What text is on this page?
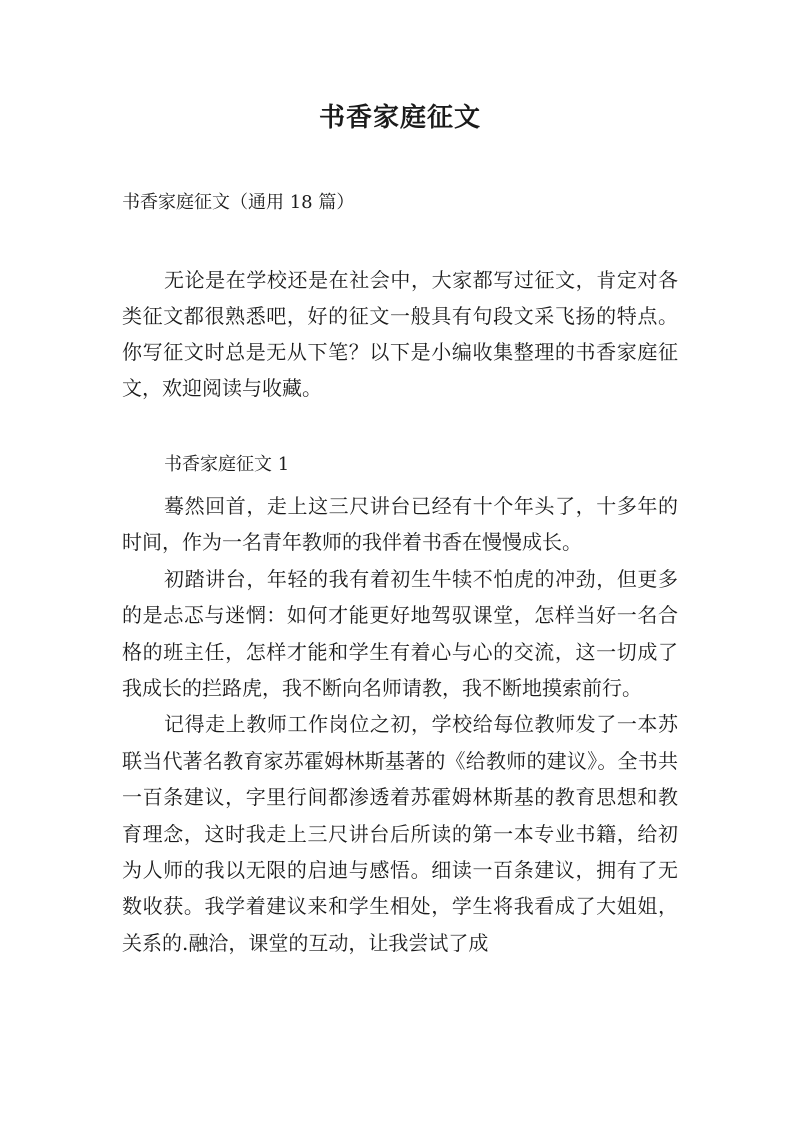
书香家庭征文
书香家庭征文（通用 18 篇）
无论是在学校还是在社会中，大家都写过征文，肯定对各类征文都很熟悉吧，好的征文一般具有句段文采飞扬的特点。你写征文时总是无从下笔？以下是小编收集整理的书香家庭征文，欢迎阅读与收藏。
书香家庭征文 1

蓦然回首，走上这三尺讲台已经有十个年头了，十多年的时间，作为一名青年教师的我伴着书香在慢慢成长。

初踏讲台，年轻的我有着初生牛犊不怕虎的冲劲，但更多的是忐忑与迷惘：如何才能更好地驾驭课堂，怎样当好一名合格的班主任，怎样才能和学生有着心与心的交流，这一切成了我成长的拦路虎，我不断向名师请教，我不断地摸索前行。

记得走上教师工作岗位之初，学校给每位教师发了一本苏联当代著名教育家苏霍姆林斯基著的《给教师的建议》。全书共一百条建议，字里行间都渗透着苏霍姆林斯基的教育思想和教育理念，这时我走上三尺讲台后所读的第一本专业书籍，给初为人师的我以无限的启迪与感悟。细读一百条建议，拥有了无数收获。我学着建议来和学生相处，学生将我看成了大姐姐，关系的.融洽，课堂的互动，让我尝试了成
